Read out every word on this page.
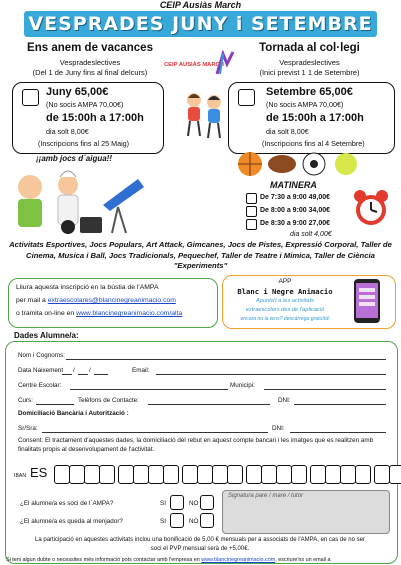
CEIP Ausiàs March
VESPRADES JUNY i SETEMBRE
Ens anem de vacances
Vespradeslectives
(Del 1 de Juny fins al final delcurs)
CEIP AUSIÀS MARCH
Tornada al col·legi
Vespradeslectives
(Inici previst 1 1 de Setembre)
Juny 65,00€
(No socis AMPA 70,00€)
de 15:00h a 17:00h
dia solt 8,00€
(Inscripcions fins al 25 Maig)
¡¡amb jocs d´aigua!!
Setembre 65,00€
(No socis AMPA 70,00€)
de 15:00h a 17:00h
dia solt 8,00€
(Inscripcions fins al 4 Setembre)
MATINERA
De 7:30 a 9:00 49,00€
De 8:00 a 9:00 34,00€
De 8:30 a 9:00 27,00€
dia solt 4,00€
Activitats Esportives, Jocs Populars, Art Attack, Gimcanes, Jocs de Pistes, Expressió Corporal, Taller de Cinema, Musica i Ball, Jocs Tradicionals, Pequechef, Taller de Teatre i Mimica, Taller de Ciència "Experiments"
Lliura aquesta inscripció en la bústia de l'AMPA
per mail a extraescolares@blancinegreanimacio.com
o tramita on-line en www.blancinegreanimacio.com/alta
APP
Blanc i Negre Animacio
Apunta't a les activitats
extraescolars des de l'aplicació
encara no la tens? descàrrega gratuïta!
Dades Alumne/a:
Nom i Cognoms:
Data Naixement / /	Email:
Centre Escolar:	Municipi:
Curs:	Telèfons de Contacte:	DNI:
Domiciliació Bancària i Autorització :
Sr/Sra:	DNI:
Consent: El tractament d'aquestes dades, la domiciliació del rebut en aquest compte bancari i les imatges que es realitzen amb finalitats propis al desenvolupament de l'activitat.
IBAN ES
¿El alumne/a es soci de l´AMPA?	SI	NO
¿El alumne/a es queda al menjador?	SI	NO
Signatura pare / mare / tutor
La participació en aquestes activitats inclou una bonificació de 5,00 € mensuals per a associats de l'AMPA, en cas de no ser soci el PVP mensual serà de +5,00€.
Si teni algun dubte o necessites més informació pots contactar amb l'empresa en www.blancinegreanimacio.com, escriure'ns un email a
